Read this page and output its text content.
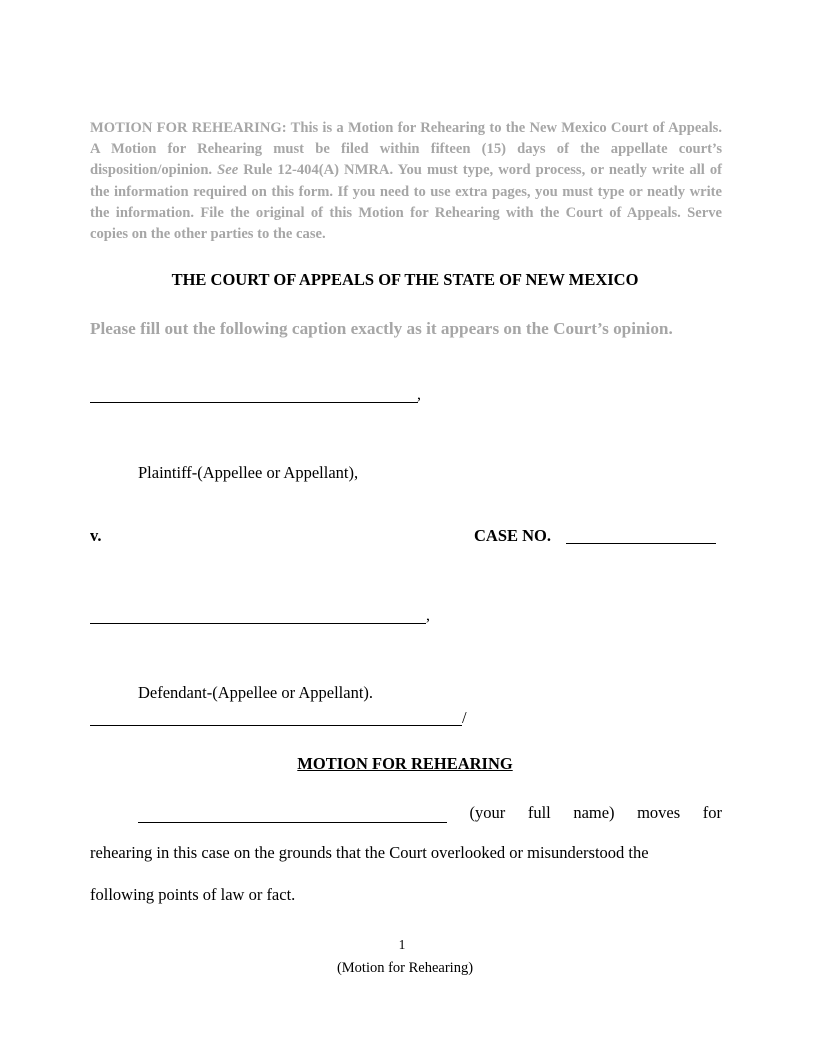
MOTION FOR REHEARING: This is a Motion for Rehearing to the New Mexico Court of Appeals. A Motion for Rehearing must be filed within fifteen (15) days of the appellate court’s disposition/opinion. See Rule 12-404(A) NMRA. You must type, word process, or neatly write all of the information required on this form. If you need to use extra pages, you must type or neatly write the information. File the original of this Motion for Rehearing with the Court of Appeals. Serve copies on the other parties to the case.
THE COURT OF APPEALS OF THE STATE OF NEW MEXICO
Please fill out the following caption exactly as it appears on the Court’s opinion.
,
Plaintiff-(Appellee or Appellant),
v.	CASE NO.
,
Defendant-(Appellee or Appellant).
/
MOTION FOR REHEARING
(your full name) moves for
rehearing in this case on the grounds that the Court overlooked or misunderstood the
following points of law or fact.
1
(Motion for Rehearing)
